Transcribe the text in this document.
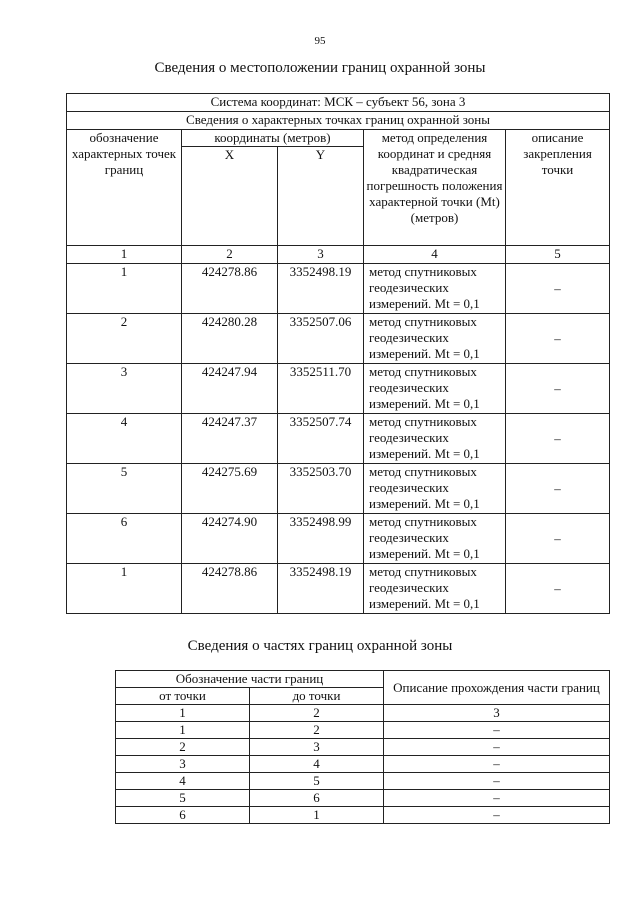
95
Сведения о местоположении границ охранной зоны
Система координат: МСК – субъект 56, зона 3				
Сведения о характерных точках границ охранной зоны				
обозначение характерных точек границ	координаты (метров)		метод определения координат и средняя квадратическая погрешность положения характерной точки (Mt) (метров)	описание закрепления точки
	X	Y		
1	2	3	4	5
1	424278.86	3352498.19	метод спутниковых геодезических измерений. Mt = 0,1	–
2	424280.28	3352507.06	метод спутниковых геодезических измерений. Mt = 0,1	–
3	424247.94	3352511.70	метод спутниковых геодезических измерений. Mt = 0,1	–
4	424247.37	3352507.74	метод спутниковых геодезических измерений. Mt = 0,1	–
5	424275.69	3352503.70	метод спутниковых геодезических измерений. Mt = 0,1	–
6	424274.90	3352498.99	метод спутниковых геодезических измерений. Mt = 0,1	–
1	424278.86	3352498.19	метод спутниковых геодезических измерений. Mt = 0,1	–
Сведения о частях границ охранной зоны
Обозначение части границ		Описание прохождения части границ
от точки	до точки	
1	2	3
1	2	–
2	3	–
3	4	–
4	5	–
5	6	–
6	1	–
